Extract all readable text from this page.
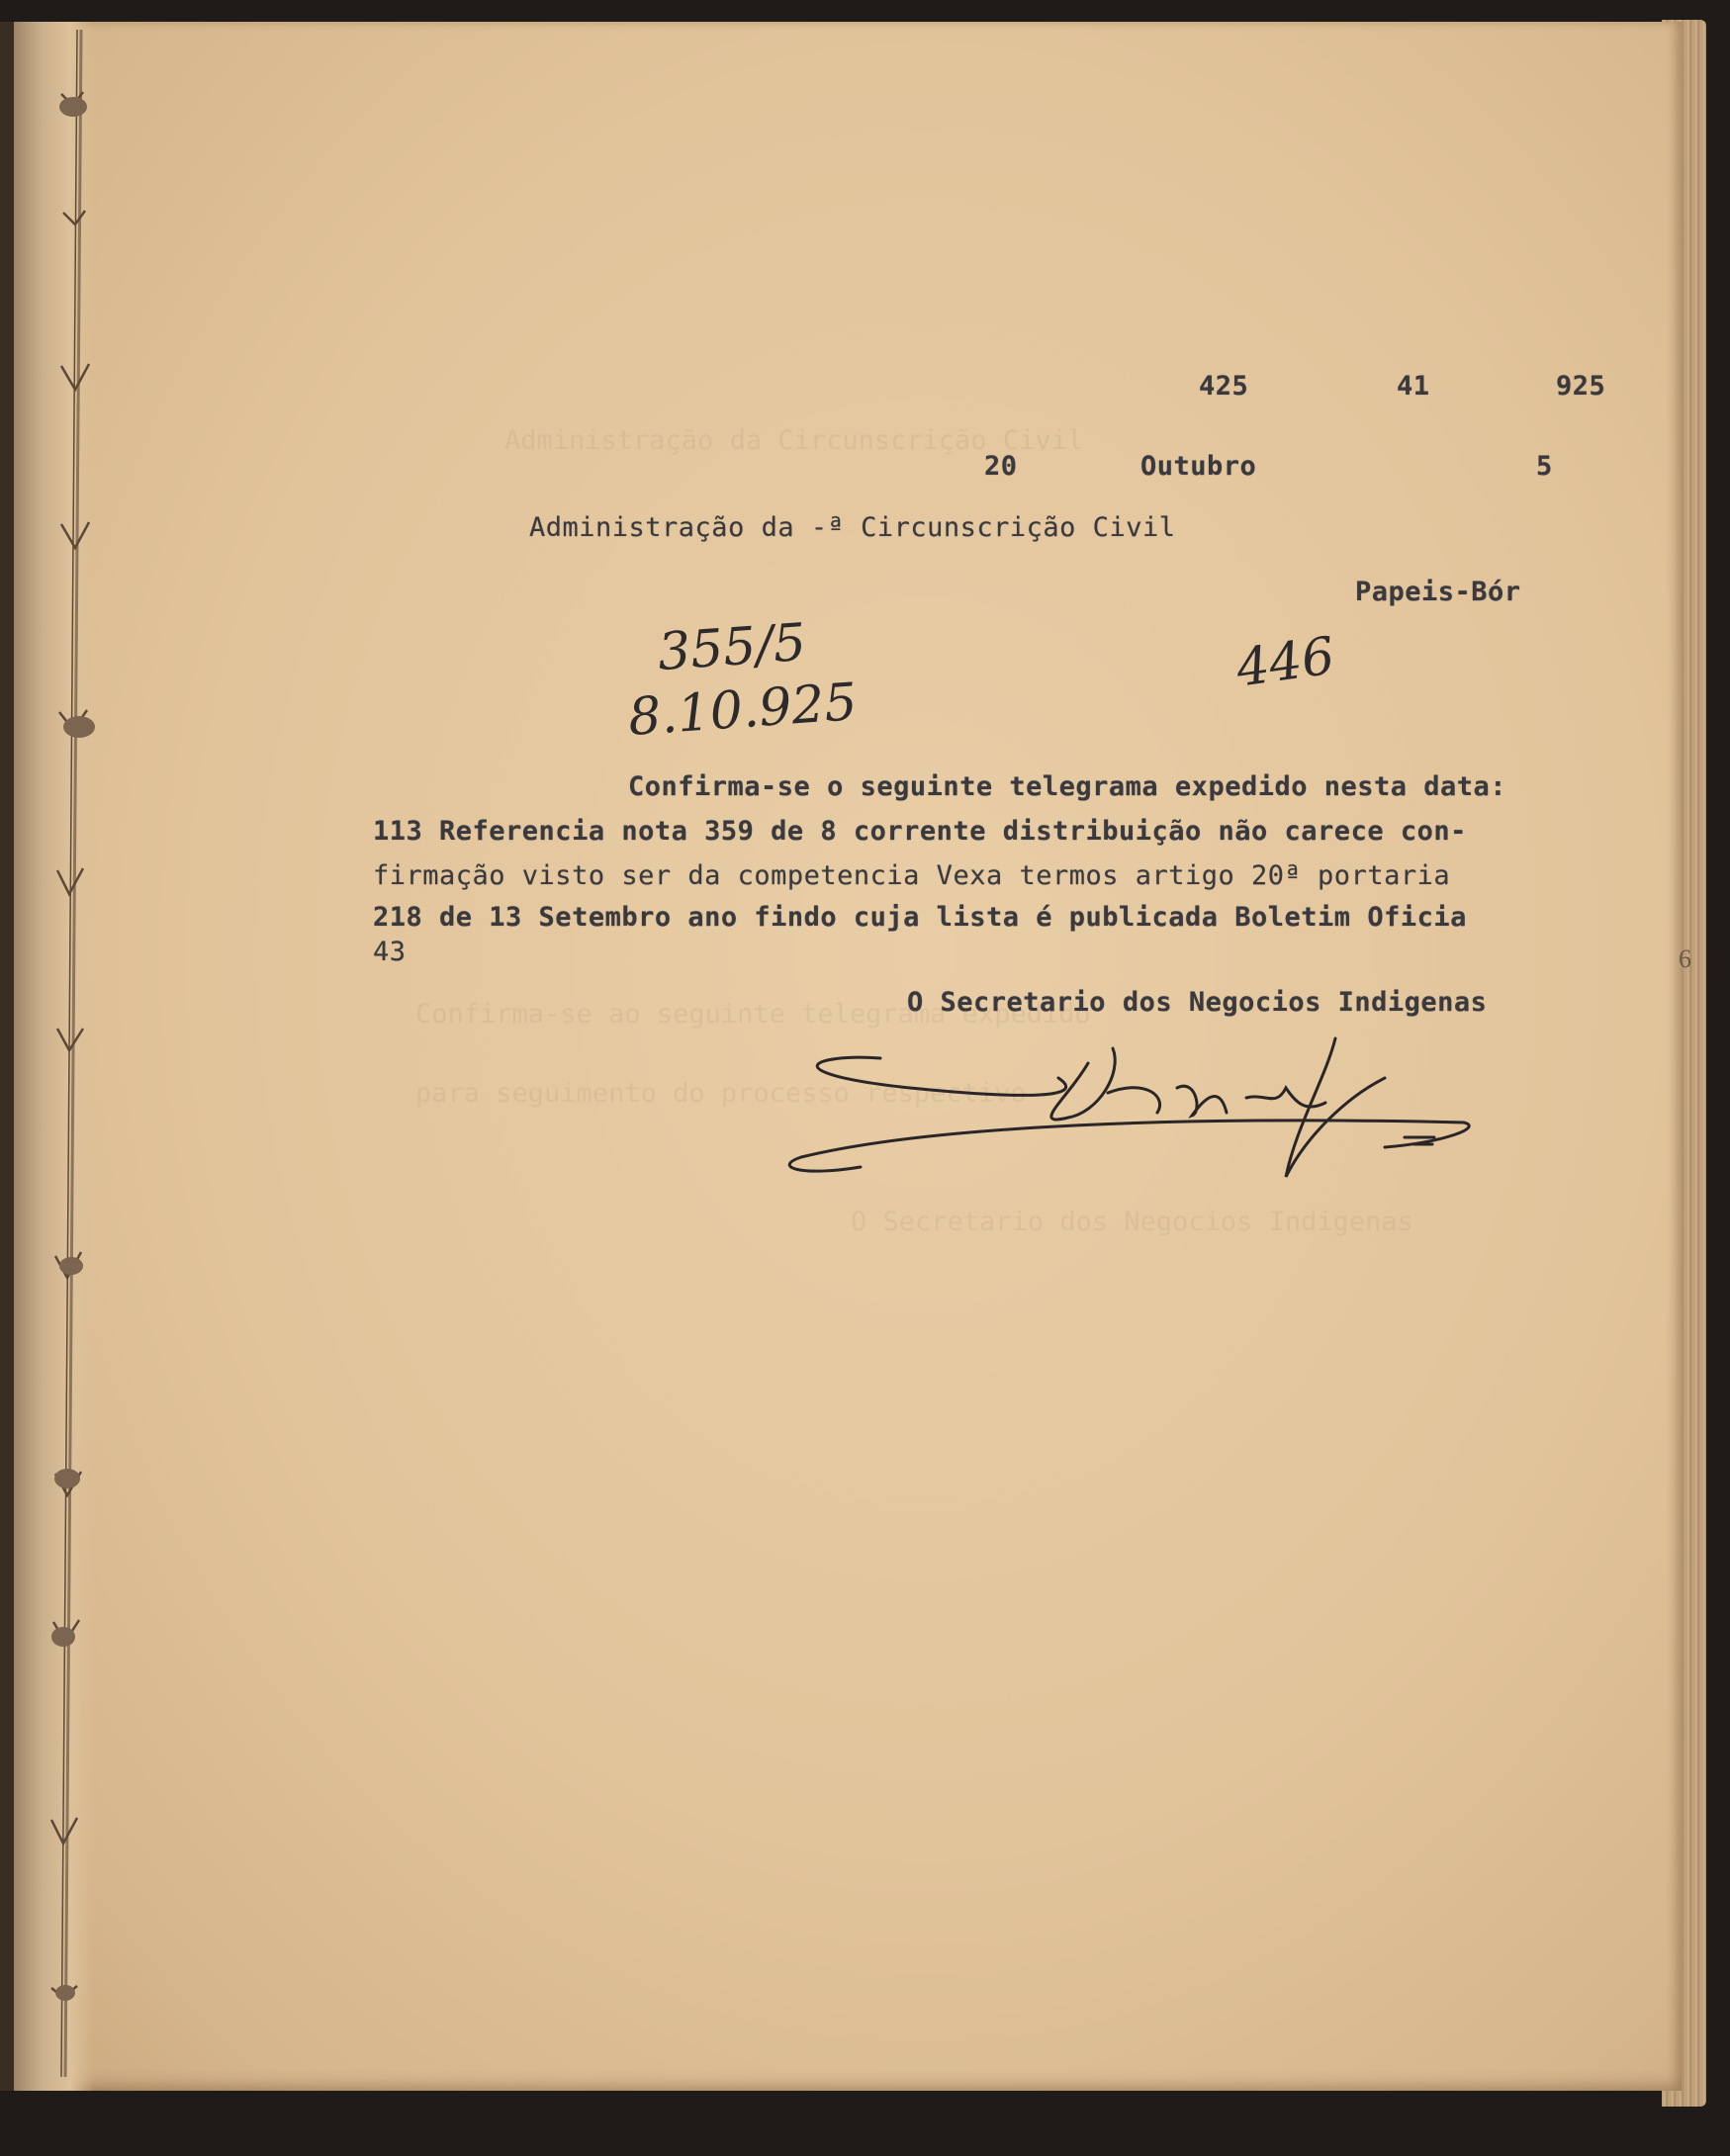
Administração da Circunscrição Civil
Confirma-se ao seguinte telegrama expedido
para seguimento do processo respectivo
O Secretario dos Negocios Indigenas
425	41	925
20	Outubro	5
Administração da -ª Circunscrição Civil
Papeis-Bór
355/5
8.10.925
446
Confirma-se o seguinte telegrama expedido nesta data:
113 Referencia nota 359 de 8 corrente distribuição não carece con-
firmação visto ser da competencia Vexa termos artigo 20ª portaria
218 de 13 Setembro ano findo cuja lista é publicada Boletim Oficia
43
O Secretario dos Negocios Indigenas
6
